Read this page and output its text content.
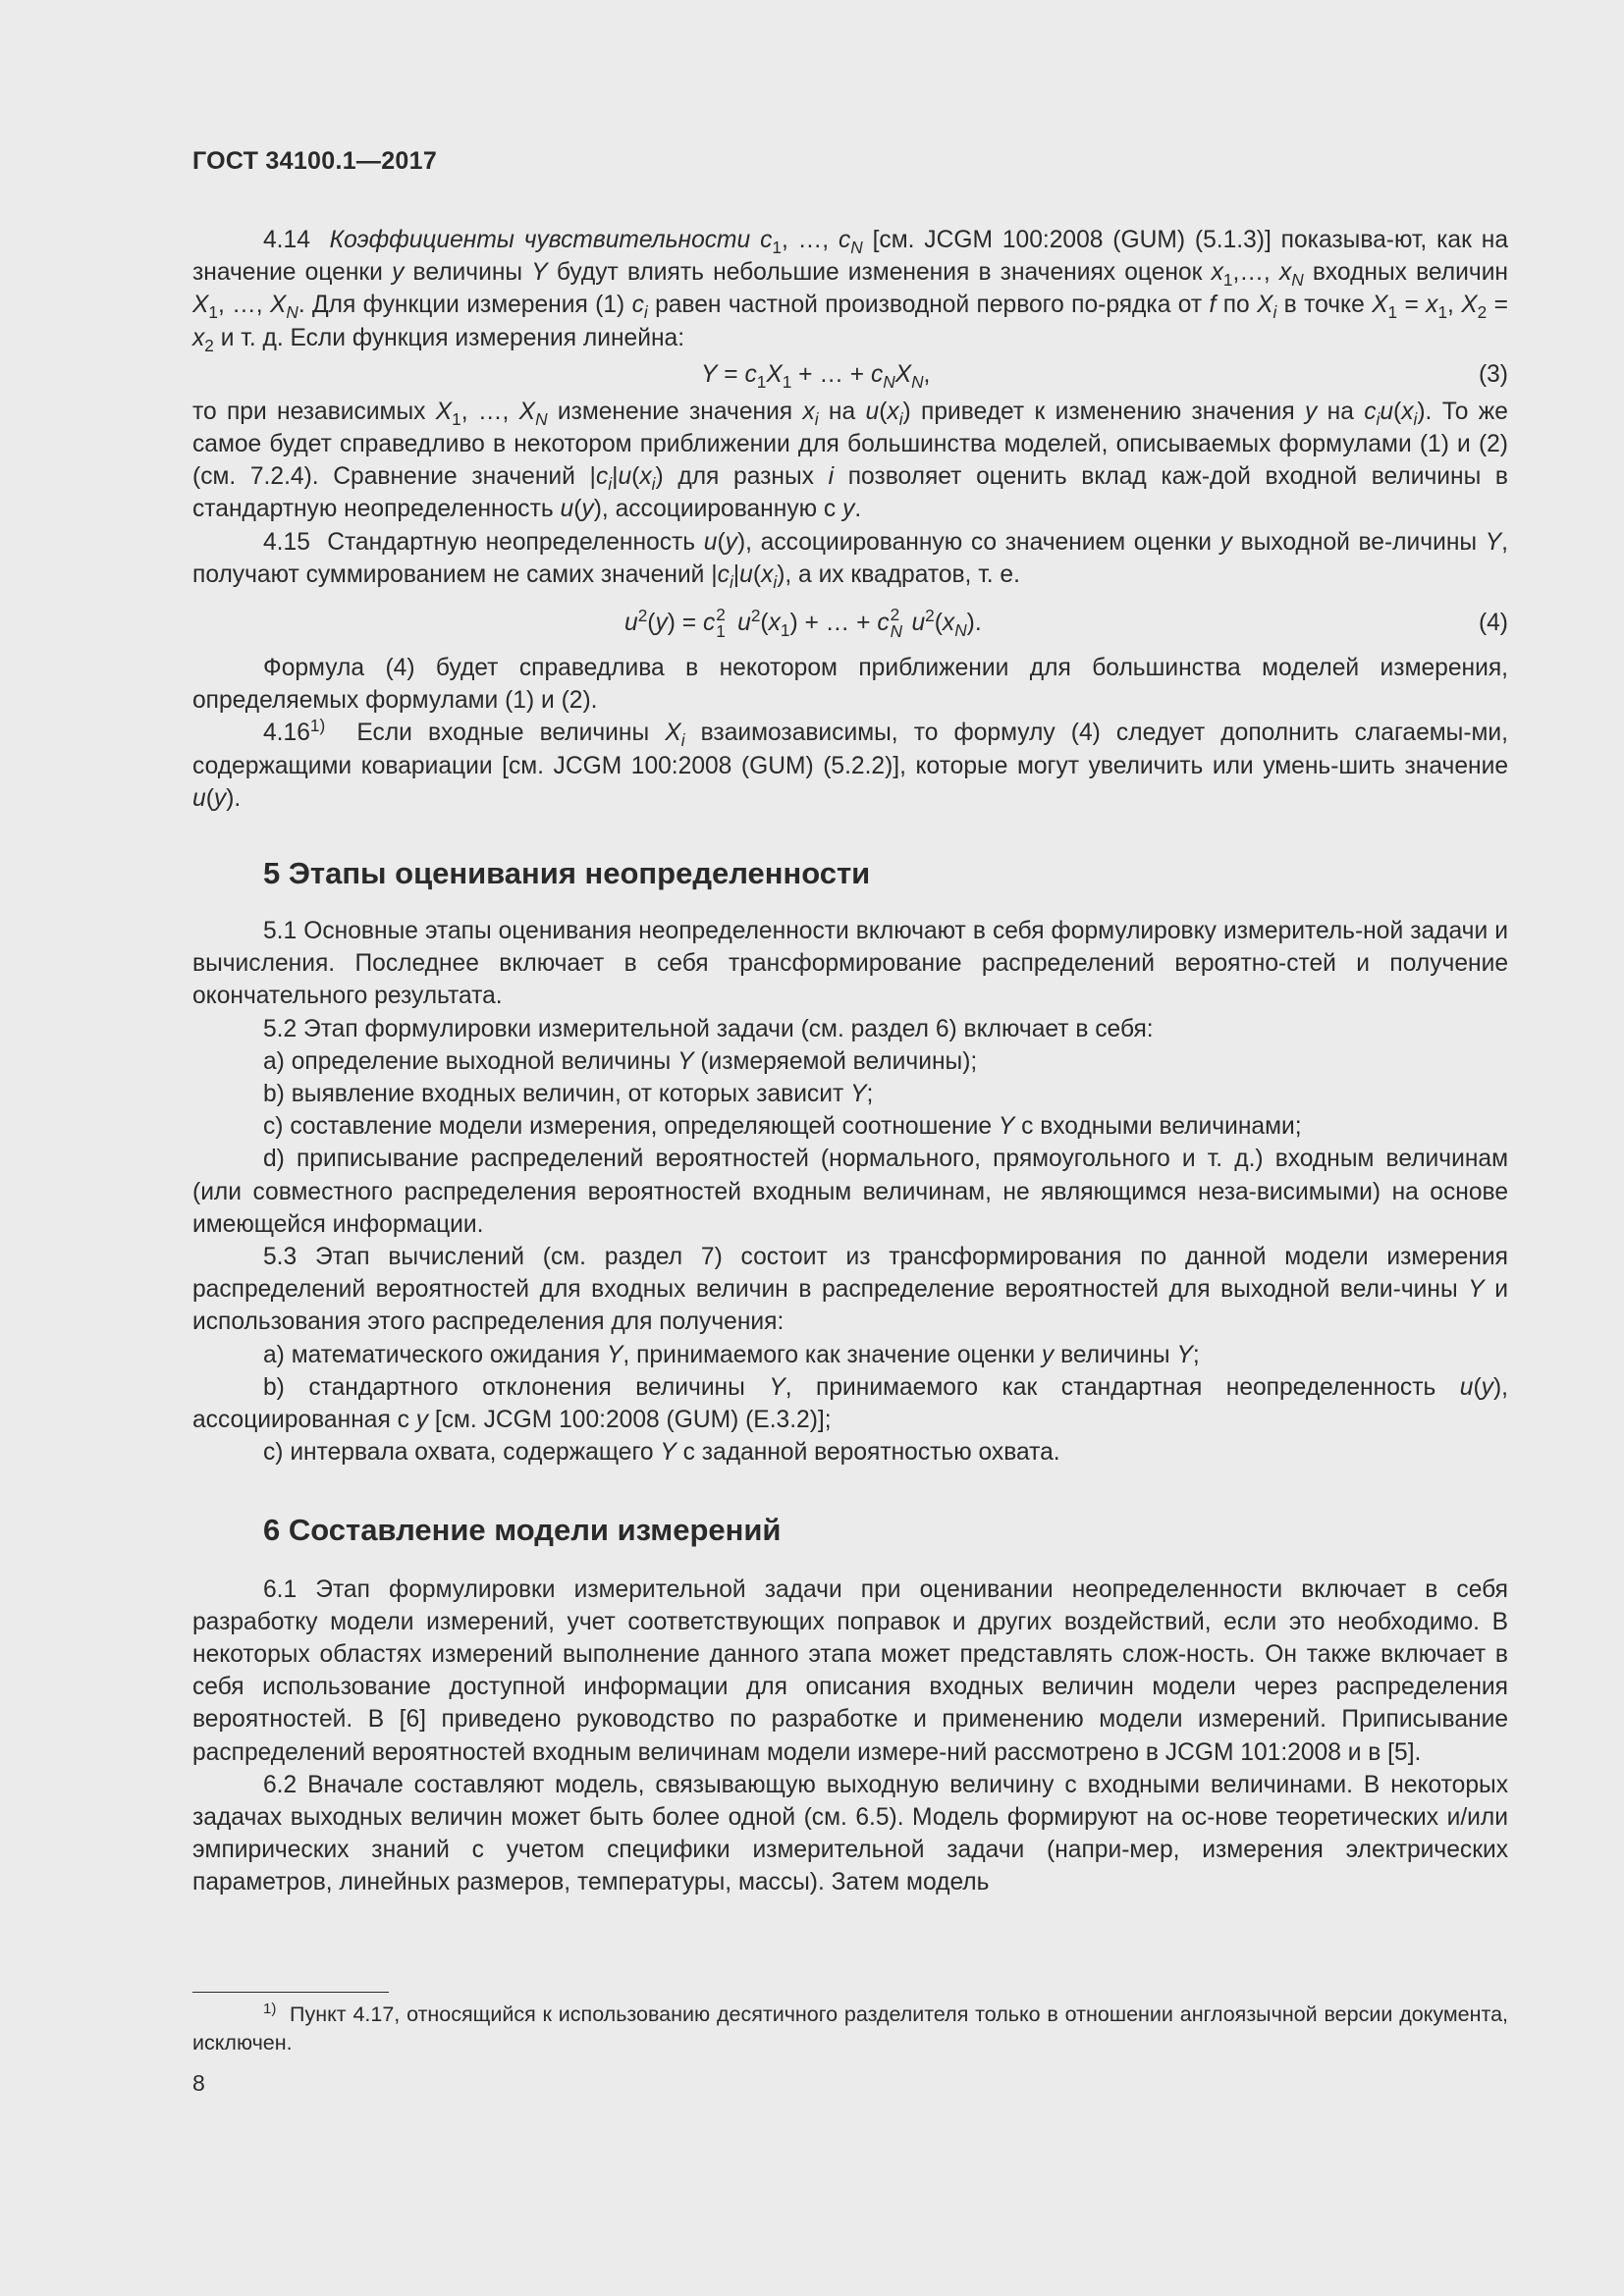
ГОСТ 34100.1—2017

4.14 Коэффициенты чувствительности $c_1$, …, $c_N$ [см. JCGM 100:2008 (GUM) (5.1.3)] показыва-ют, как на значение оценки y величины Y будут влиять небольшие изменения в значениях оценок $x_1,\dots$, $x_N$ входных величин $X_1$, …, $X_N$. Для функции измерения (1) $c_i$ равен частной производной первого по-рядка от f по $X_i$ в точке $X_1 = x_1$, $X_2 = x_2$ и т. д. Если функция измерения линейна:

$Y = c_1X_1$ + … + $c_NX_N$,	(3)

то при независимых $X_1$, …, $X_N$ изменение значения $x_i$ на $u(x_i)$ приведет к изменению значения y на $c_iu(x_i)$. То же самое будет справедливо в некотором приближении для большинства моделей, описываемых формулами (1) и (2) (см. 7.2.4). Сравнение значений $|c_i|u(x_i)$ для разных i позволяет оценить вклад каж-дой входной величины в стандартную неопределенность u(y), ассоциированную с y.

4.15 Стандартную неопределенность u(y), ассоциированную со значением оценки y выходной ве-личины Y, получают суммированием не самих значений $|c_i|u(x_i)$, а их квадратов, т. е.

$u^2(y) = c$ 2
1 $u^2(x_1)$ + … + c 2
N $u^2(x_N)$.	(4)

Формула (4) будет справедлива в некотором приближении для большинства моделей измерения, определяемых формулами (1) и (2).

4.16$^{1)}$ Если входные величины $X_i$ взаимозависимы, то формулу (4) следует дополнить слагаемы-ми, содержащими ковариации [см. JCGM 100:2008 (GUM) (5.2.2)], которые могут увеличить или умень-шить значение u(y).

5 Этапы оценивания неопределенности

5.1 Основные этапы оценивания неопределенности включают в себя формулировку измеритель-ной задачи и вычисления. Последнее включает в себя трансформирование распределений вероятно-стей и получение окончательного результата.

5.2 Этап формулировки измерительной задачи (см. раздел 6) включает в себя:

a) определение выходной величины Y (измеряемой величины);

b) выявление входных величин, от которых зависит Y;

c) составление модели измерения, определяющей соотношение Y с входными величинами;

d) приписывание распределений вероятностей (нормального, прямоугольного и т. д.) входным величинам (или совместного распределения вероятностей входным величинам, не являющимся неза-висимыми) на основе имеющейся информации.

5.3 Этап вычислений (см. раздел 7) состоит из трансформирования по данной модели измерения распределений вероятностей для входных величин в распределение вероятностей для выходной вели-чины Y и использования этого распределения для получения:

a) математического ожидания Y, принимаемого как значение оценки y величины Y;

b) стандартного отклонения величины Y, принимаемого как стандартная неопределенность u(y), ассоциированная с y [см. JCGM 100:2008 (GUM) (Е.3.2)];

c) интервала охвата, содержащего Y с заданной вероятностью охвата.

6 Составление модели измерений

6.1 Этап формулировки измерительной задачи при оценивании неопределенности включает в себя разработку модели измерений, учет соответствующих поправок и других воздействий, если это необходимо. В некоторых областях измерений выполнение данного этапа может представлять слож-ность. Он также включает в себя использование доступной информации для описания входных величин модели через распределения вероятностей. В [6] приведено руководство по разработке и применению модели измерений. Приписывание распределений вероятностей входным величинам модели измере-ний рассмотрено в JCGM 101:2008 и в [5].

6.2 Вначале составляют модель, связывающую выходную величину с входными величинами. В некоторых задачах выходных величин может быть более одной (см. 6.5). Модель формируют на ос-нове теоретических и/или эмпирических знаний с учетом специфики измерительной задачи (напри-мер, измерения электрических параметров, линейных размеров, температуры, массы). Затем модель

$^{1)}$ Пункт 4.17, относящийся к использованию десятичного разделителя только в отношении англоязычной версии документа, исключен.
8
